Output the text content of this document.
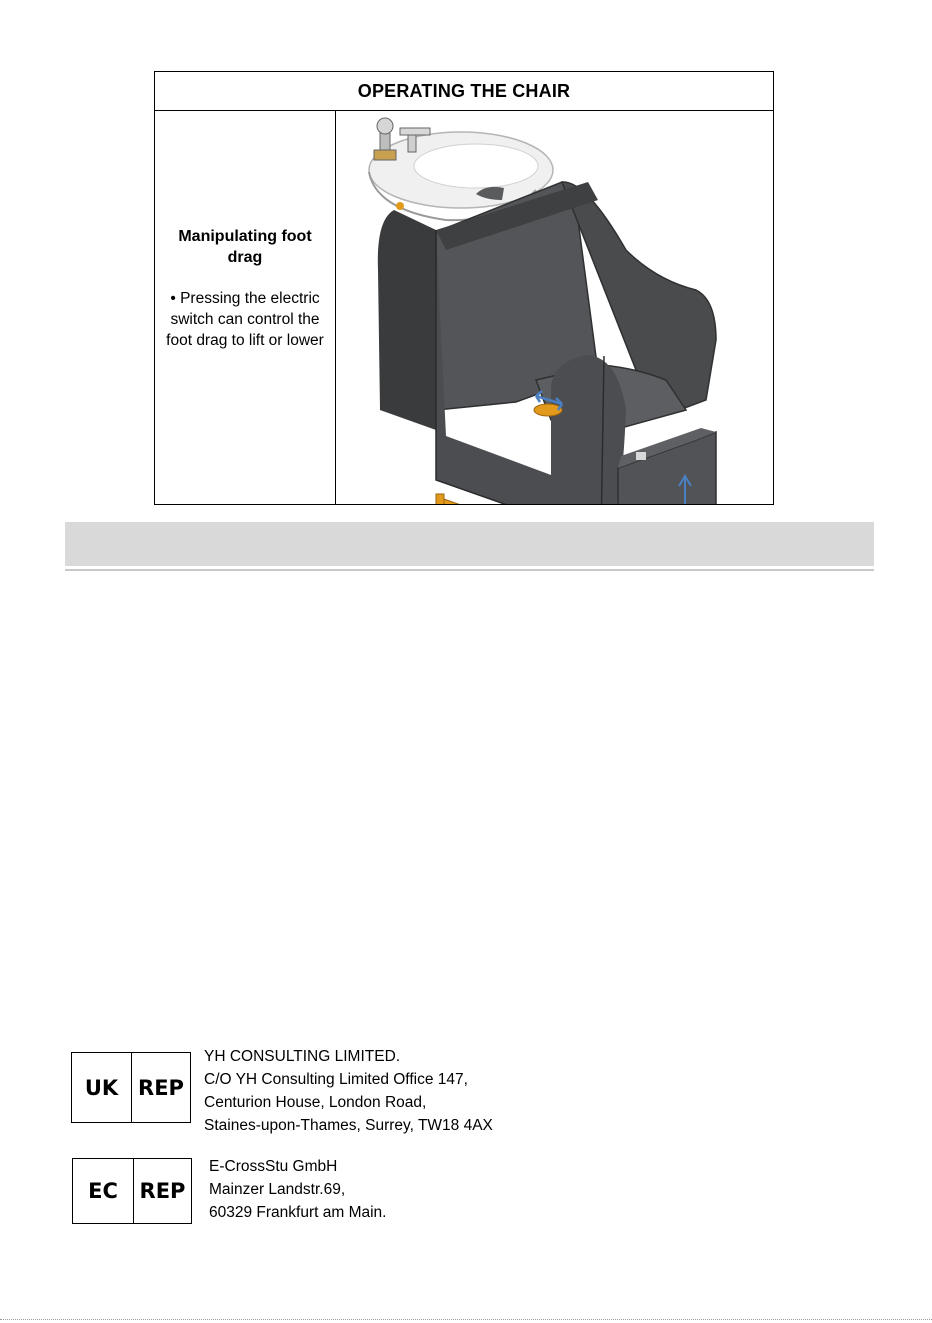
OPERATING THE CHAIR
Manipulating foot
drag
• Pressing the electric
switch can control the
foot drag to lift or lower
UK REP
YH CONSULTING LIMITED.
C/O YH Consulting Limited Office 147,
Centurion House, London Road,
Staines-upon-Thames, Surrey, TW18 4AX
EC	REP
E-CrossStu GmbH
Mainzer Landstr.69,
60329 Frankfurt am Main.
